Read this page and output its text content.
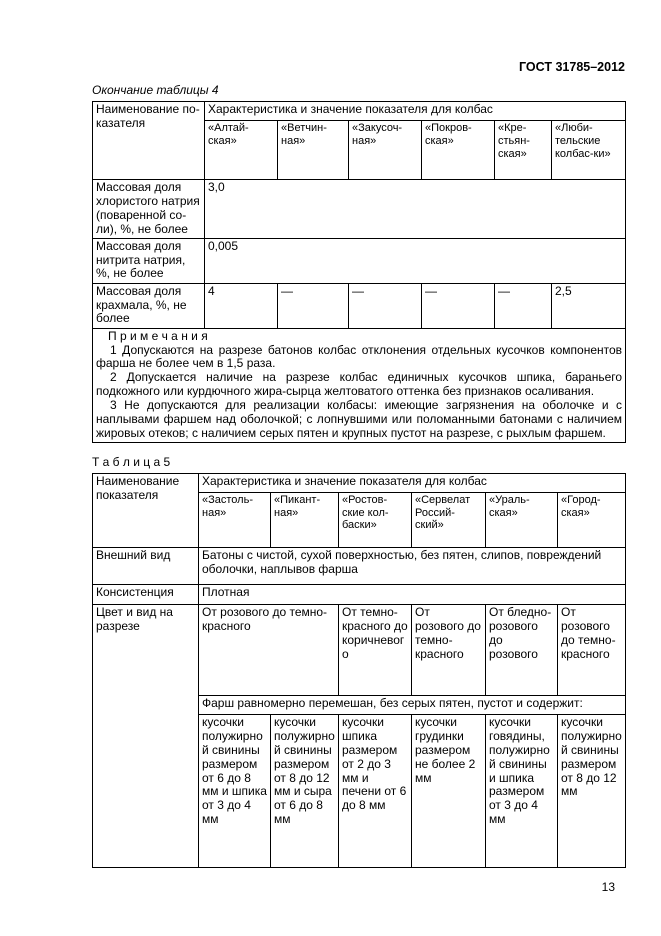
ГОСТ 31785–2012
Окончание таблицы 4
Наименование по-казателя	Характеристика и значение показателя для колбас					
	«Алтай-ская»	«Ветчин-ная»	«Закусоч-ная»	«Покров-ская»	«Кре-стьян-ская»	«Люби-тельские колбас-ки»
Массовая доля хлористого натрия (поваренной со-ли), %, не более	3,0					
Массовая доля нитрита натрия, %, не более	0,005					
Массовая доля крахмала, %, не более	4	—	—	—	—	2,5

П р и м е ч а н и я

1 Допускаются на разрезе батонов колбас отклонения отдельных кусочков компонентов фарша не более чем в 1,5 раза.

2 Допускается наличие на разрезе колбас единичных кусочков шпика, бараньего подкожного или курдючного жира-сырца желтоватого оттенка без признаков осаливания.

3 Не допускаются для реализации колбасы: имеющие загрязнения на оболочке и с наплывами фаршем над оболочкой; с лопнувшими или поломанными батонами с наличием жировых отеков; с наличием серых пятен и крупных пустот на разрезе, с рыхлым фаршем.						

Т а б л и ц а 5
Наименование показателя	Характеристика и значение показателя для колбас					
	«Застоль-ная»	«Пикант-ная»	«Ростов-ские кол-баски»	«Сервелат Россий-ский»	«Ураль-ская»	«Город-ская»
Внешний вид	Батоны с чистой, сухой поверхностью, без пятен, слипов, повреждений оболочки, наплывов фарша					
Консистенция	Плотная					
Цвет и вид на разрезе	От розового до темно-красного		От темно-красного до коричневого	От розового до темно-красного	От бледно-розового до розового	От розового до темно-красного
	Фарш равномерно перемешан, без серых пятен, пустот и содержит:					
	кусочки полужирной свинины размером от 6 до 8 мм и шпика от 3 до 4 мм	кусочки полужирной свинины размером от 8 до 12 мм и сыра от 6 до 8 мм	кусочки шпика размером от 2 до 3 мм и печени от 6 до 8 мм	кусочки грудинки размером не более 2 мм	кусочки говядины, полужирной свинины и шпика размером от 3 до 4 мм	кусочки полужирной свинины размером от 8 до 12 мм
13
